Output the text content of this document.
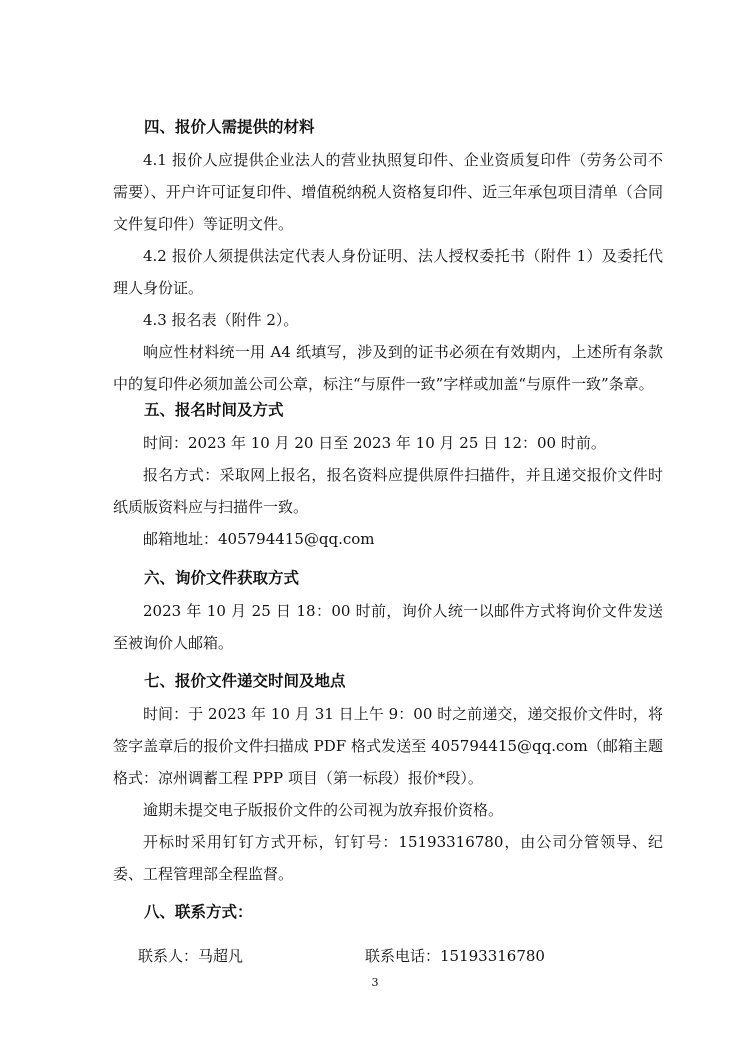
四、报价人需提供的材料

4.1 报价人应提供企业法人的营业执照复印件、企业资质复印件（劳务公司不需要）、开户许可证复印件、增值税纳税人资格复印件、近三年承包项目清单（合同文件复印件）等证明文件。

4.2 报价人须提供法定代表人身份证明、法人授权委托书（附件 1）及委托代理人身份证。

4.3 报名表（附件 2）。

响应性材料统一用 A4 纸填写，涉及到的证书必须在有效期内，上述所有条款中的复印件必须加盖公司公章，标注“与原件一致”字样或加盖“与原件一致”条章。

五、报名时间及方式

时间：2023 年 10 月 20 日至 2023 年 10 月 25 日 12：00 时前。

报名方式：采取网上报名，报名资料应提供原件扫描件，并且递交报价文件时纸质版资料应与扫描件一致。

邮箱地址：405794415@qq.com

六、询价文件获取方式

2023 年 10 月 25 日 18：00 时前，询价人统一以邮件方式将询价文件发送至被询价人邮箱。

七、报价文件递交时间及地点

时间：于 2023 年 10 月 31 日上午 9：00 时之前递交，递交报价文件时，将签字盖章后的报价文件扫描成 PDF 格式发送至 405794415@qq.com（邮箱主题格式：凉州调蓄工程 PPP 项目（第一标段）报价*段）。

逾期未提交电子版报价文件的公司视为放弃报价资格。

开标时采用钉钉方式开标，钉钉号：15193316780，由公司分管领导、纪委、工程管理部全程监督。

八、联系方式：
联系人：马超凡	联系电话：15193316780
3
